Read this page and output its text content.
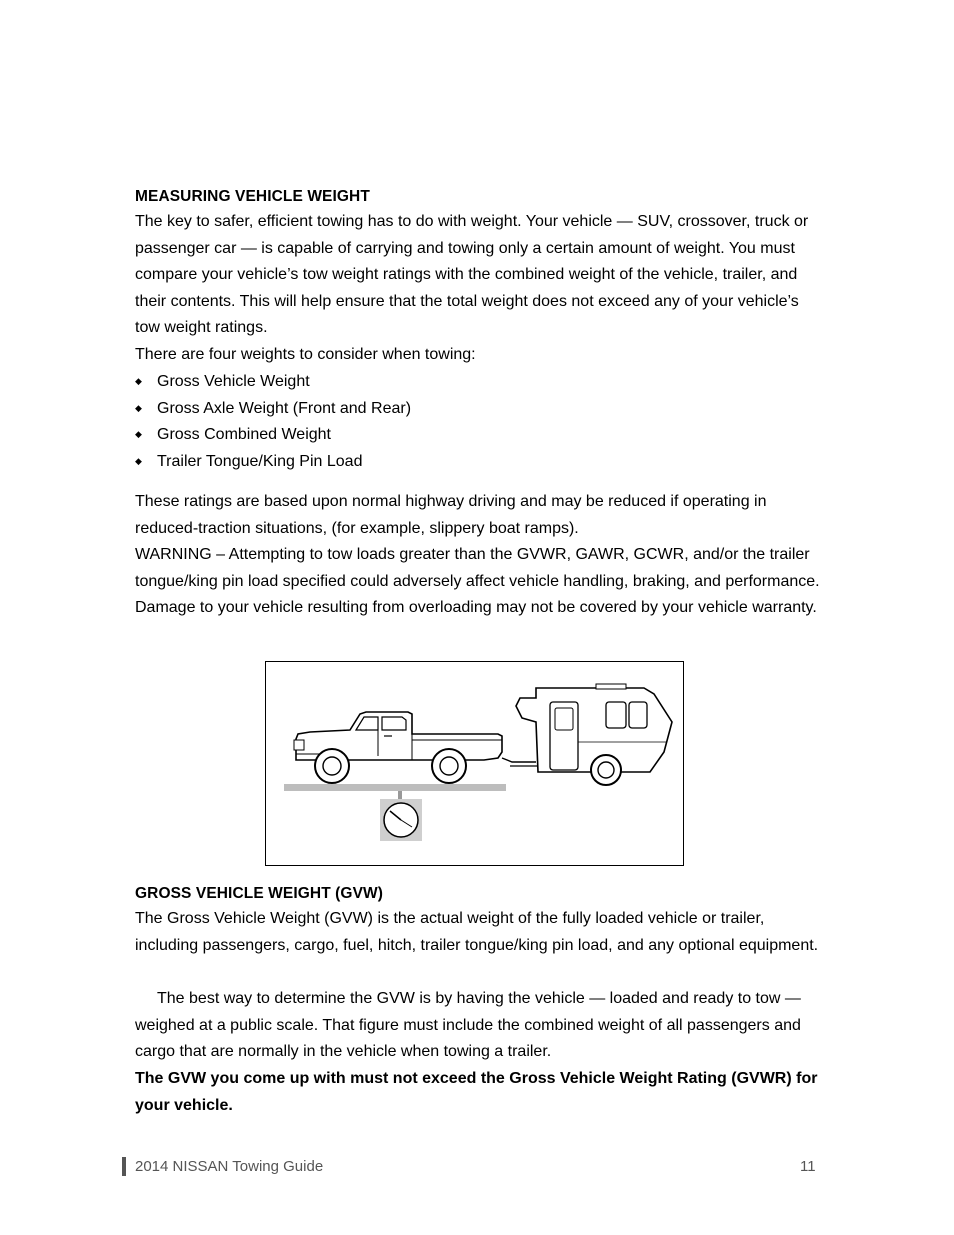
MEASURING VEHICLE WEIGHT
The key to safer, efficient towing has to do with weight. Your vehicle — SUV, crossover, truck or passenger car — is capable of carrying and towing only a certain amount of weight. You must compare your vehicle’s tow weight ratings with the combined weight of the vehicle, trailer, and their contents. This will help ensure that the total weight does not exceed any of your vehicle’s tow weight ratings.
There are four weights to consider when towing:
◆ Gross Vehicle Weight
◆ Gross Axle Weight (Front and Rear)
◆ Gross Combined Weight
◆ Trailer Tongue/King Pin Load
These ratings are based upon normal highway driving and may be reduced if operating in reduced-traction situations, (for example, slippery boat ramps).
WARNING – Attempting to tow loads greater than the GVWR, GAWR, GCWR, and/or the trailer tongue/king pin load specified could adversely affect vehicle handling, braking, and performance. Damage to your vehicle resulting from overloading may not be covered by your vehicle warranty.
GROSS VEHICLE WEIGHT (GVW)
The Gross Vehicle Weight (GVW) is the actual weight of the fully loaded vehicle or trailer, including passengers, cargo, fuel, hitch, trailer tongue/king pin load, and any optional equipment.
The best way to determine the GVW is by having the vehicle — loaded and ready to tow — weighed at a public scale. That figure must include the combined weight of all passengers and cargo that are normally in the vehicle when towing a trailer.
The GVW you come up with must not exceed the Gross Vehicle Weight Rating (GVWR) for your vehicle.
2014 NISSAN Towing Guide	11
